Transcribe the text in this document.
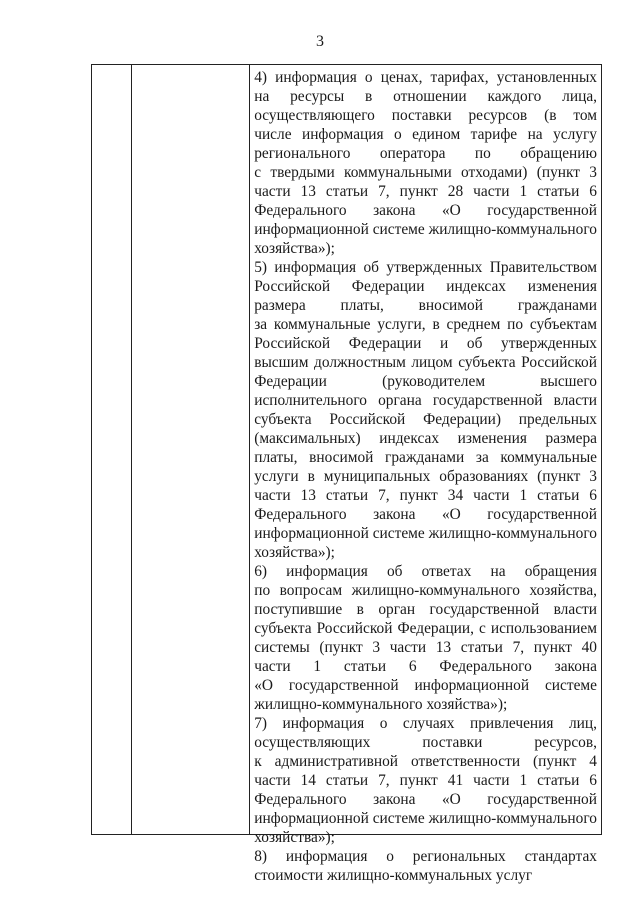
3
4) информация о ценах, тарифах, установленных
на ресурсы в отношении каждого лица,
осуществляющего поставки ресурсов (в том
числе информация о едином тарифе на услугу
регионального оператора по обращению
с твердыми коммунальными отходами) (пункт 3
части 13 статьи 7, пункт 28 части 1 статьи 6
Федерального закона «О государственной
информационной системе жилищно-коммунального
хозяйства»);
5) информация об утвержденных Правительством
Российской Федерации индексах изменения
размера платы, вносимой гражданами
за коммунальные услуги, в среднем по субъектам
Российской Федерации и об утвержденных
высшим должностным лицом субъекта Российской
Федерации (руководителем высшего
исполнительного органа государственной власти
субъекта Российской Федерации) предельных
(максимальных) индексах изменения размера
платы, вносимой гражданами за коммунальные
услуги в муниципальных образованиях (пункт 3
части 13 статьи 7, пункт 34 части 1 статьи 6
Федерального закона «О государственной
информационной системе жилищно-коммунального
хозяйства»);
6) информация об ответах на обращения
по вопросам жилищно-коммунального хозяйства,
поступившие в орган государственной власти
субъекта Российской Федерации, с использованием
системы (пункт 3 части 13 статьи 7, пункт 40
части 1 статьи 6 Федерального закона
«О государственной информационной системе
жилищно-коммунального хозяйства»);
7) информация о случаях привлечения лиц,
осуществляющих поставки ресурсов,
к административной ответственности (пункт 4
части 14 статьи 7, пункт 41 части 1 статьи 6
Федерального закона «О государственной
информационной системе жилищно-коммунального
хозяйства»);
8) информация о региональных стандартах
стоимости жилищно-коммунальных услуг
